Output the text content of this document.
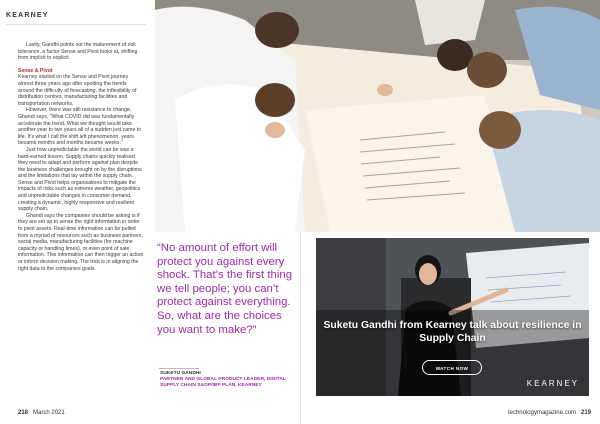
KEARNEY

Lastly, Gandhi points out the maturement of risk tolerance, a factor Sense and Pivot looks at, shifting from implicit to explicit.

Sense & Pivot

Kearney started on the Sense and Pivot journey almost three years ago after spotting the trends around the difficulty of forecasting, the inflexibility of distribution centres, manufacturing facilities and transportation networks.

However, there was still resistance to change, Ghandi says, “What COVID did was fundamentally accelerate the trend. What we thought would take another year to two years all of a sudden just came to life. It’s what I call the shift left phenomenon, years became months and months became weeks.”

Just how unpredictable the world can be was a hard-earned lesson. Supply chains quickly realised they need to adapt and perform against plan despite the business challenges brought on by the disruptions and the limitations that lay within the supply chain. Sense and Pivot helps organisations to mitigate the impacts of risks such as extreme weather, geopolitics and unpredictable changes in consumer demand, creating a dynamic, highly responsive and resilient supply chain.

Ghandi says the companies should be asking is if they are set up to sense the right information in order to pivot assets. Real-time information can be pulled from a myriad of resources such as business partners, social media, manufacturing facilities (for machine capacity or handling times), or even point of sale information. This information can then trigger an action or inform decision making. The trick is in aligning the right data to the companies goals.

“No amount of effort will protect you against every shock. That’s the first thing we tell people; you can’t protect against everything. So, what are the choices you want to make?”
SUKETU GANDHI
PARTNER AND GLOBAL PRODUCT LEADER, DIGITAL SUPPLY CHAIN S&OP/IBP PLAN, KEARNEY
Suketu Gandhi from Kearney talk about resilience in Supply Chain
WATCH NOW
KEARNEY
218 March 2021	technologymagazine.com 219
